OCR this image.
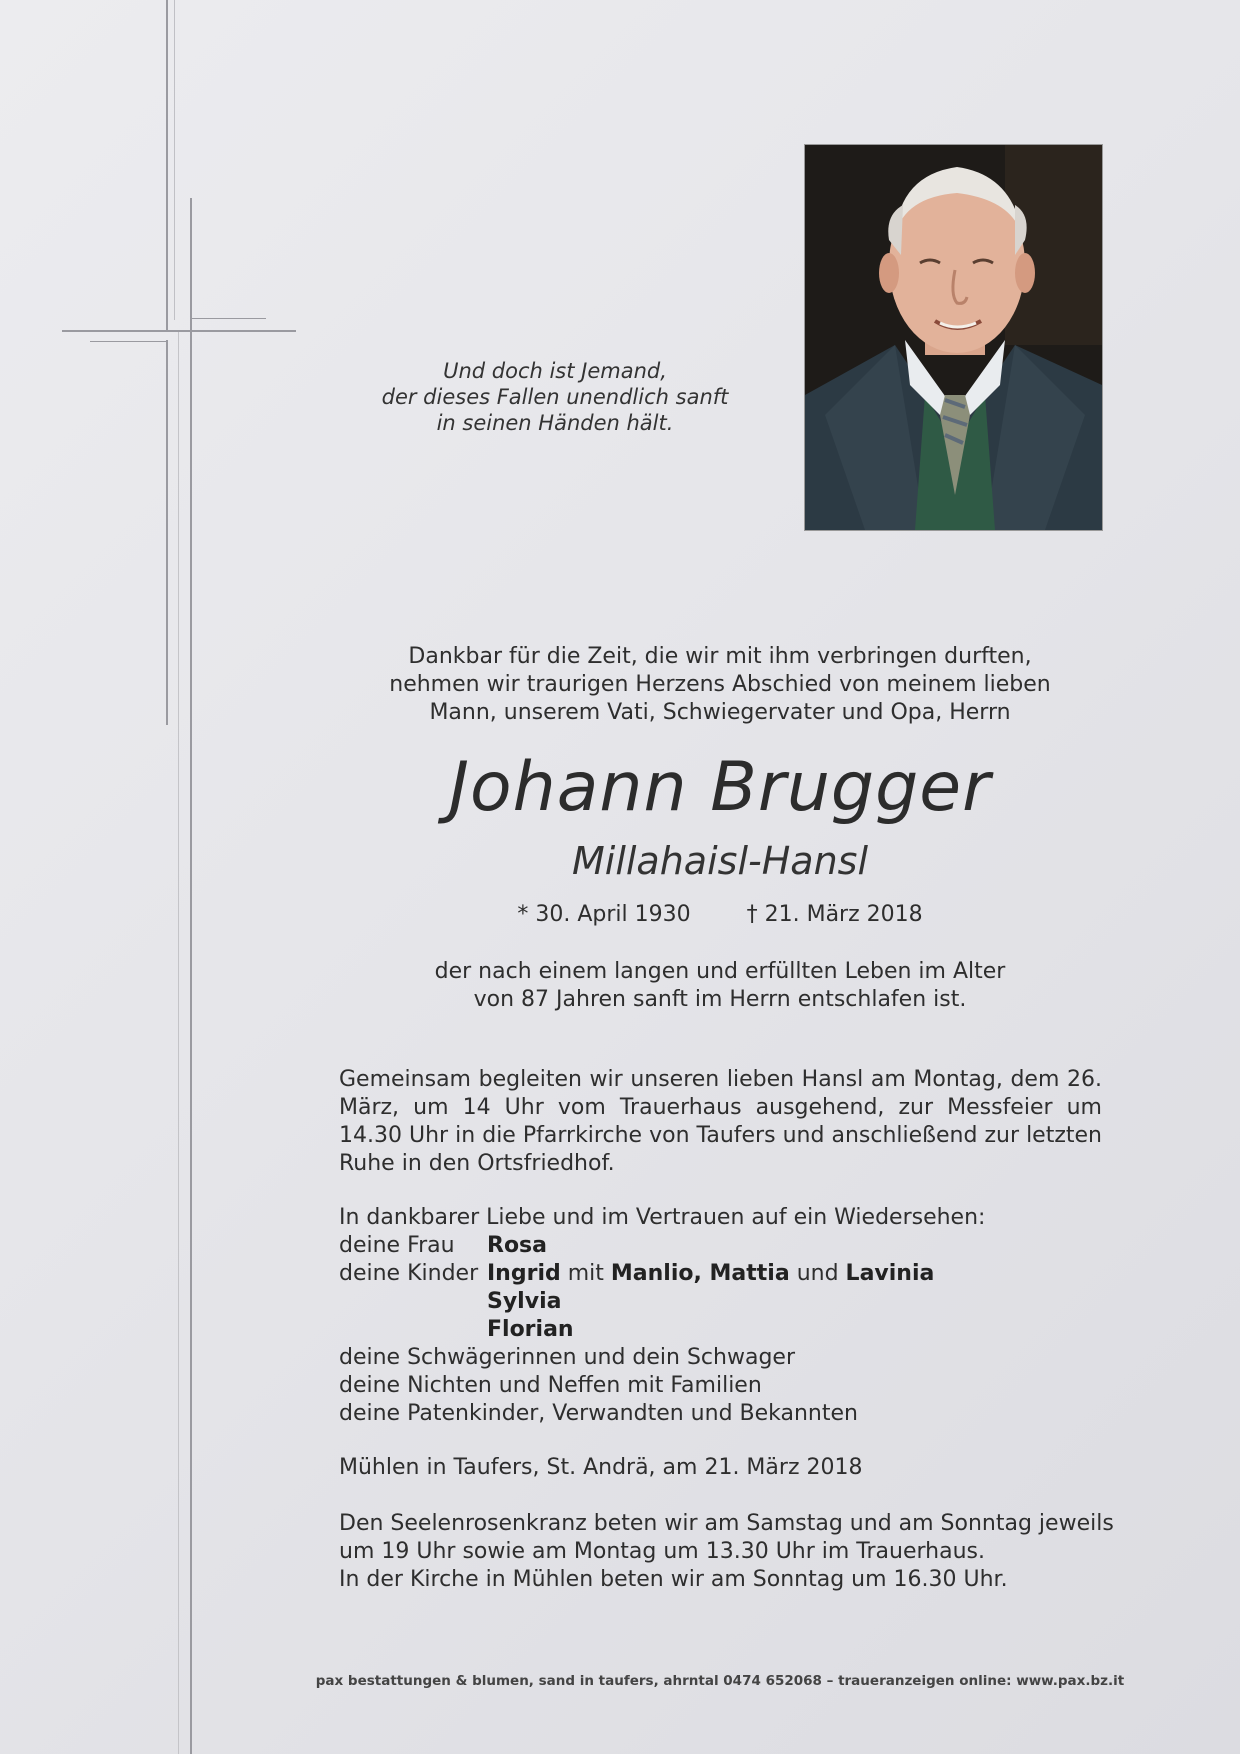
Und doch ist Jemand,
der dieses Fallen unendlich sanft
in seinen Händen hält.
Dankbar für die Zeit, die wir mit ihm verbringen durften,
nehmen wir traurigen Herzens Abschied von meinem lieben
Mann, unserem Vati, Schwiegervater und Opa, Herrn
Johann Brugger
Millahaisl-Hansl
* 30. April 1930	† 21. März 2018
der nach einem langen und erfüllten Leben im Alter
von 87 Jahren sanft im Herrn entschlafen ist.
Gemeinsam begleiten wir unseren lieben Hansl am Montag, dem 26. März, um 14 Uhr vom Trauerhaus ausgehend, zur Messfeier um 14.30 Uhr in die Pfarrkirche von Taufers und anschließend zur letzten Ruhe in den Ortsfriedhof.
In dankbarer Liebe und im Vertrauen auf ein Wiedersehen:
deine Frau Rosa
deine Kinder Ingrid mit Manlio, Mattia und Lavinia
Sylvia
Florian
deine Schwägerinnen und dein Schwager
deine Nichten und Neffen mit Familien
deine Patenkinder, Verwandten und Bekannten
Mühlen in Taufers, St. Andrä, am 21. März 2018
Den Seelenrosenkranz beten wir am Samstag und am Sonntag jeweils
um 19 Uhr sowie am Montag um 13.30 Uhr im Trauerhaus.
In der Kirche in Mühlen beten wir am Sonntag um 16.30 Uhr.
pax bestattungen & blumen, sand in taufers, ahrntal 0474 652068 – traueranzeigen online: www.pax.bz.it
